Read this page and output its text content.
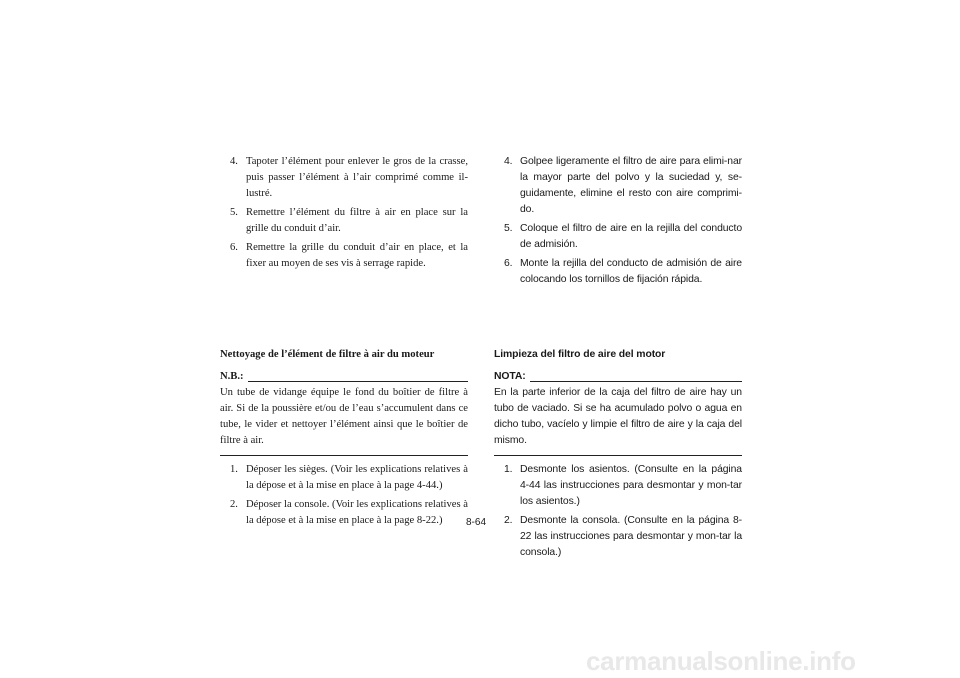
4. Tapoter l’élément pour enlever le gros de la crasse, puis passer l’élément à l’air comprimé comme il-lustré.
5. Remettre l’élément du filtre à air en place sur la grille du conduit d’air.
6. Remettre la grille du conduit d’air en place, et la fixer au moyen de ses vis à serrage rapide.
4. Golpee ligeramente el filtro de aire para elimi-nar la mayor parte del polvo y la suciedad y, se-guidamente, elimine el resto con aire comprimi-do.
5. Coloque el filtro de aire en la rejilla del conducto de admisión.
6. Monte la rejilla del conducto de admisión de aire colocando los tornillos de fijación rápida.
Nettoyage de l’élément de filtre à air du moteur
N.B.:

Un tube de vidange équipe le fond du boîtier de filtre à air. Si de la poussière et/ou de l’eau s’accumulent dans ce tube, le vider et nettoyer l’élément ainsi que le boîtier de filtre à air.

1. Déposer les sièges. (Voir les explications relatives à la dépose et à la mise en place à la page 4-44.)
2. Déposer la console. (Voir les explications relatives à la dépose et à la mise en place à la page 8-22.)
Limpieza del filtro de aire del motor
NOTA:

En la parte inferior de la caja del filtro de aire hay un tubo de vaciado. Si se ha acumulado polvo o agua en dicho tubo, vacíelo y limpie el filtro de aire y la caja del mismo.

1. Desmonte los asientos. (Consulte en la página 4-44 las instrucciones para desmontar y mon-tar los asientos.)
2. Desmonte la consola. (Consulte en la página 8-22 las instrucciones para desmontar y mon-tar la consola.)
8-64
carmanualsonline.info
